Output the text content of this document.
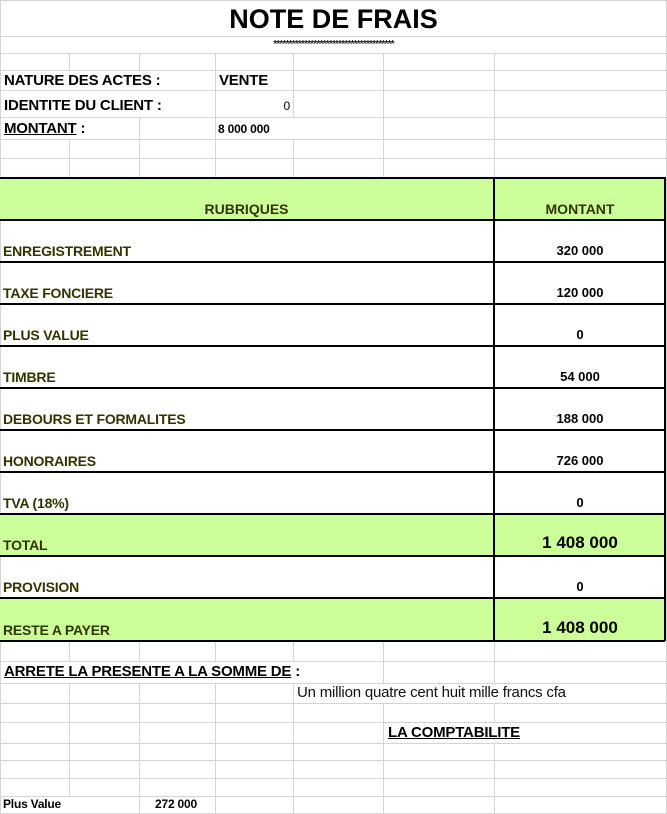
NOTE DE FRAIS
***************************************
NATURE DES ACTES :	VENTE
IDENTITE DU CLIENT :	0
MONTANT :	8 000 000
RUBRIQUES	MONTANT
ENREGISTREMENT	320 000
TAXE FONCIERE	120 000
PLUS VALUE	0
TIMBRE	54 000
DEBOURS ET FORMALITES	188 000
HONORAIRES	726 000
TVA (18%)	0
TOTAL	1 408 000
PROVISION	0
RESTE A PAYER	1 408 000
ARRETE LA PRESENTE A LA SOMME DE :
Un million quatre cent huit mille francs cfa
LA COMPTABILITE
Plus Value	272 000
